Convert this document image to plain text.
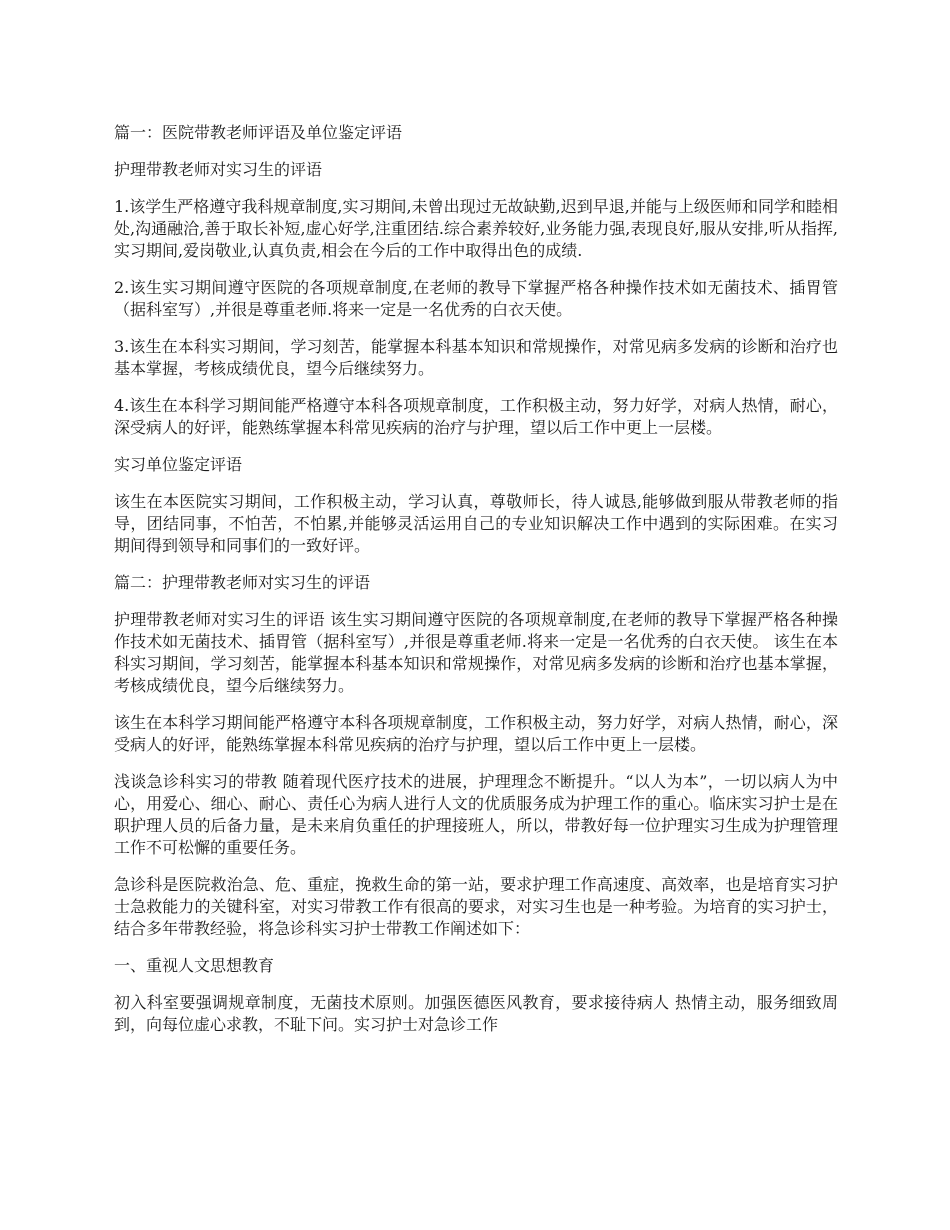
篇一：医院带教老师评语及单位鉴定评语

护理带教老师对实习生的评语

1.该学生严格遵守我科规章制度,实习期间,未曾出现过无故缺勤,迟到早退,并能与上级医师和同学和睦相处,沟通融洽,善于取长补短,虚心好学,注重团结.综合素养较好,业务能力强,表现良好,服从安排,听从指挥,实习期间,爱岗敬业,认真负责,相会在今后的工作中取得出色的成绩.

2.该生实习期间遵守医院的各项规章制度,在老师的教导下掌握严格各种操作技术如无菌技术、插胃管（据科室写）,并很是尊重老师.将来一定是一名优秀的白衣天使。

3.该生在本科实习期间，学习刻苦，能掌握本科基本知识和常规操作，对常见病多发病的诊断和治疗也基本掌握，考核成绩优良，望今后继续努力。

4.该生在本科学习期间能严格遵守本科各项规章制度，工作积极主动，努力好学，对病人热情，耐心，深受病人的好评，能熟练掌握本科常见疾病的治疗与护理，望以后工作中更上一层楼。

实习单位鉴定评语

该生在本医院实习期间，工作积极主动，学习认真，尊敬师长，待人诚恳,能够做到服从带教老师的指导，团结同事，不怕苦，不怕累,并能够灵活运用自己的专业知识解决工作中遇到的实际困难。在实习期间得到领导和同事们的一致好评。

篇二：护理带教老师对实习生的评语

护理带教老师对实习生的评语 该生实习期间遵守医院的各项规章制度,在老师的教导下掌握严格各种操作技术如无菌技术、插胃管（据科室写）,并很是尊重老师.将来一定是一名优秀的白衣天使。 该生在本科实习期间，学习刻苦，能掌握本科基本知识和常规操作，对常见病多发病的诊断和治疗也基本掌握，考核成绩优良，望今后继续努力。

该生在本科学习期间能严格遵守本科各项规章制度，工作积极主动，努力好学，对病人热情，耐心，深受病人的好评，能熟练掌握本科常见疾病的治疗与护理，望以后工作中更上一层楼。

浅谈急诊科实习的带教 随着现代医疗技术的进展，护理理念不断提升。“以人为本”，一切以病人为中心，用爱心、细心、耐心、责任心为病人进行人文的优质服务成为护理工作的重心。临床实习护士是在职护理人员的后备力量，是未来肩负重任的护理接班人，所以，带教好每一位护理实习生成为护理管理工作不可松懈的重要任务。

急诊科是医院救治急、危、重症，挽救生命的第一站，要求护理工作高速度、高效率，也是培育实习护士急救能力的关键科室，对实习带教工作有很高的要求，对实习生也是一种考验。为培育的实习护士，结合多年带教经验，将急诊科实习护士带教工作阐述如下：

一、重视人文思想教育

初入科室要强调规章制度，无菌技术原则。加强医德医风教育，要求接待病人 热情主动，服务细致周到，向每位虚心求教，不耻下问。实习护士对急诊工作
